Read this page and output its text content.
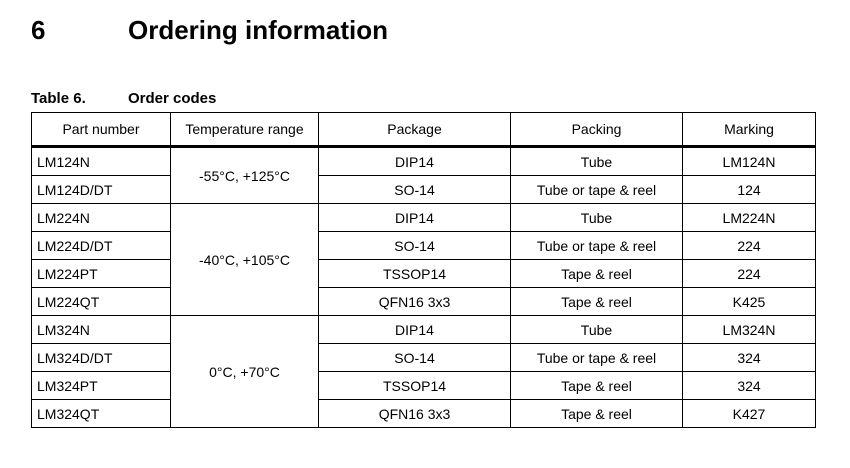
6	Ordering information
Table 6.	Order codes
Part number	Temperature range	Package	Packing	Marking
LM124N	-55°C, +125°C	DIP14	Tube	LM124N
LM124D/DT		SO-14	Tube or tape & reel	124
LM224N	-40°C, +105°C	DIP14	Tube	LM224N
LM224D/DT		SO-14	Tube or tape & reel	224
LM224PT		TSSOP14	Tape & reel	224
LM224QT		QFN16 3x3	Tape & reel	K425
LM324N	0°C, +70°C	DIP14	Tube	LM324N
LM324D/DT		SO-14	Tube or tape & reel	324
LM324PT		TSSOP14	Tape & reel	324
LM324QT		QFN16 3x3	Tape & reel	K427
